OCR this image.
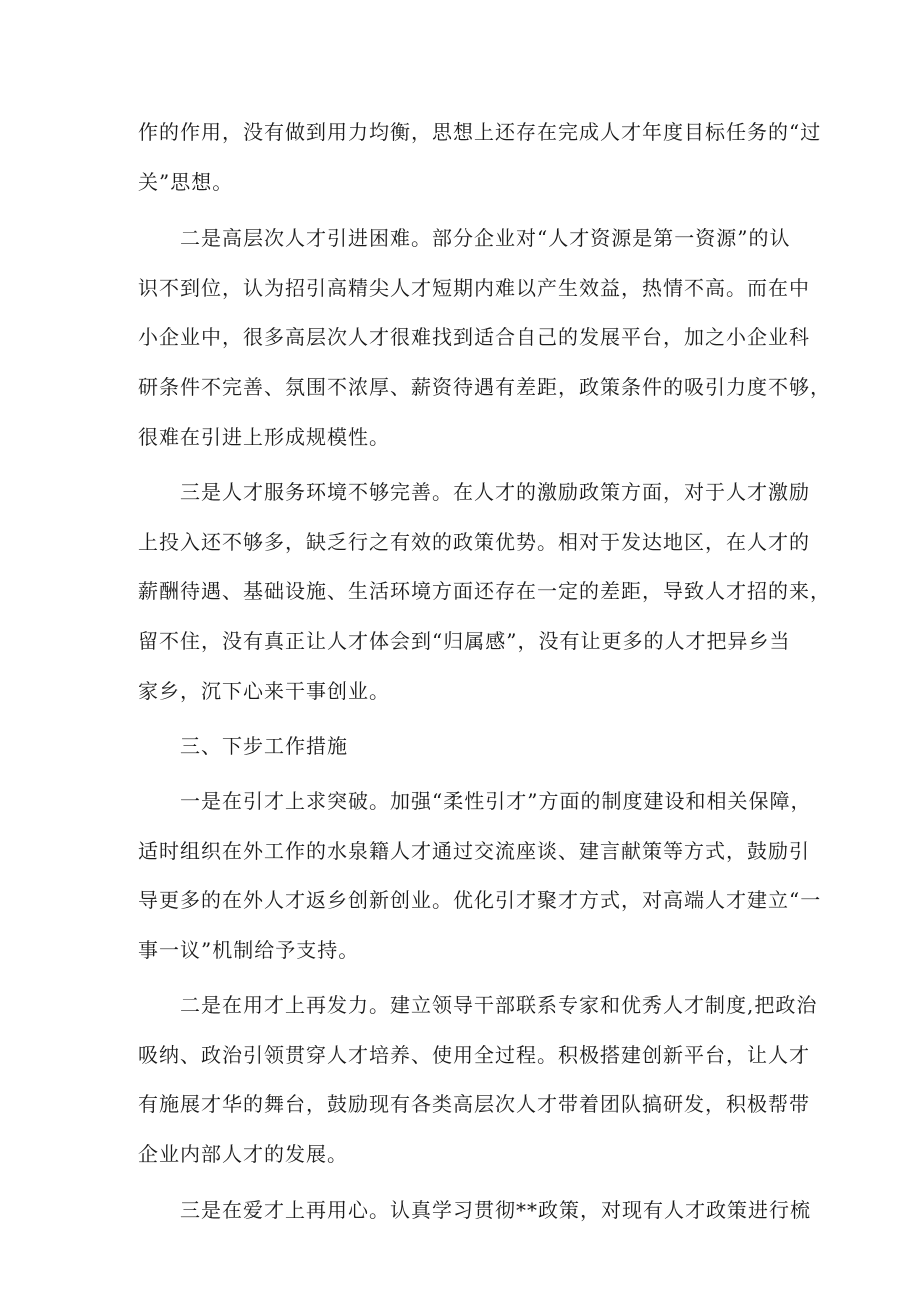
作的作用，没有做到用力均衡，思想上还存在完成人才年度目标任务的“过
关”思想。
二是高层次人才引进困难。部分企业对“人才资源是第一资源”的认
识不到位，认为招引高精尖人才短期内难以产生效益，热情不高。而在中
小企业中，很多高层次人才很难找到适合自己的发展平台，加之小企业科
研条件不完善、氛围不浓厚、薪资待遇有差距，政策条件的吸引力度不够，
很难在引进上形成规模性。
三是人才服务环境不够完善。在人才的激励政策方面，对于人才激励
上投入还不够多，缺乏行之有效的政策优势。相对于发达地区，在人才的
薪酬待遇、基础设施、生活环境方面还存在一定的差距，导致人才招的来，
留不住，没有真正让人才体会到“归属感”，没有让更多的人才把异乡当
家乡，沉下心来干事创业。
三、下步工作措施
一是在引才上求突破。加强“柔性引才”方面的制度建设和相关保障，
适时组织在外工作的水泉籍人才通过交流座谈、建言献策等方式，鼓励引
导更多的在外人才返乡创新创业。优化引才聚才方式，对高端人才建立“一
事一议”机制给予支持。
二是在用才上再发力。建立领导干部联系专家和优秀人才制度,把政治
吸纳、政治引领贯穿人才培养、使用全过程。积极搭建创新平台，让人才
有施展才华的舞台，鼓励现有各类高层次人才带着团队搞研发，积极帮带
企业内部人才的发展。
三是在爱才上再用心。认真学习贯彻**政策，对现有人才政策进行梳
